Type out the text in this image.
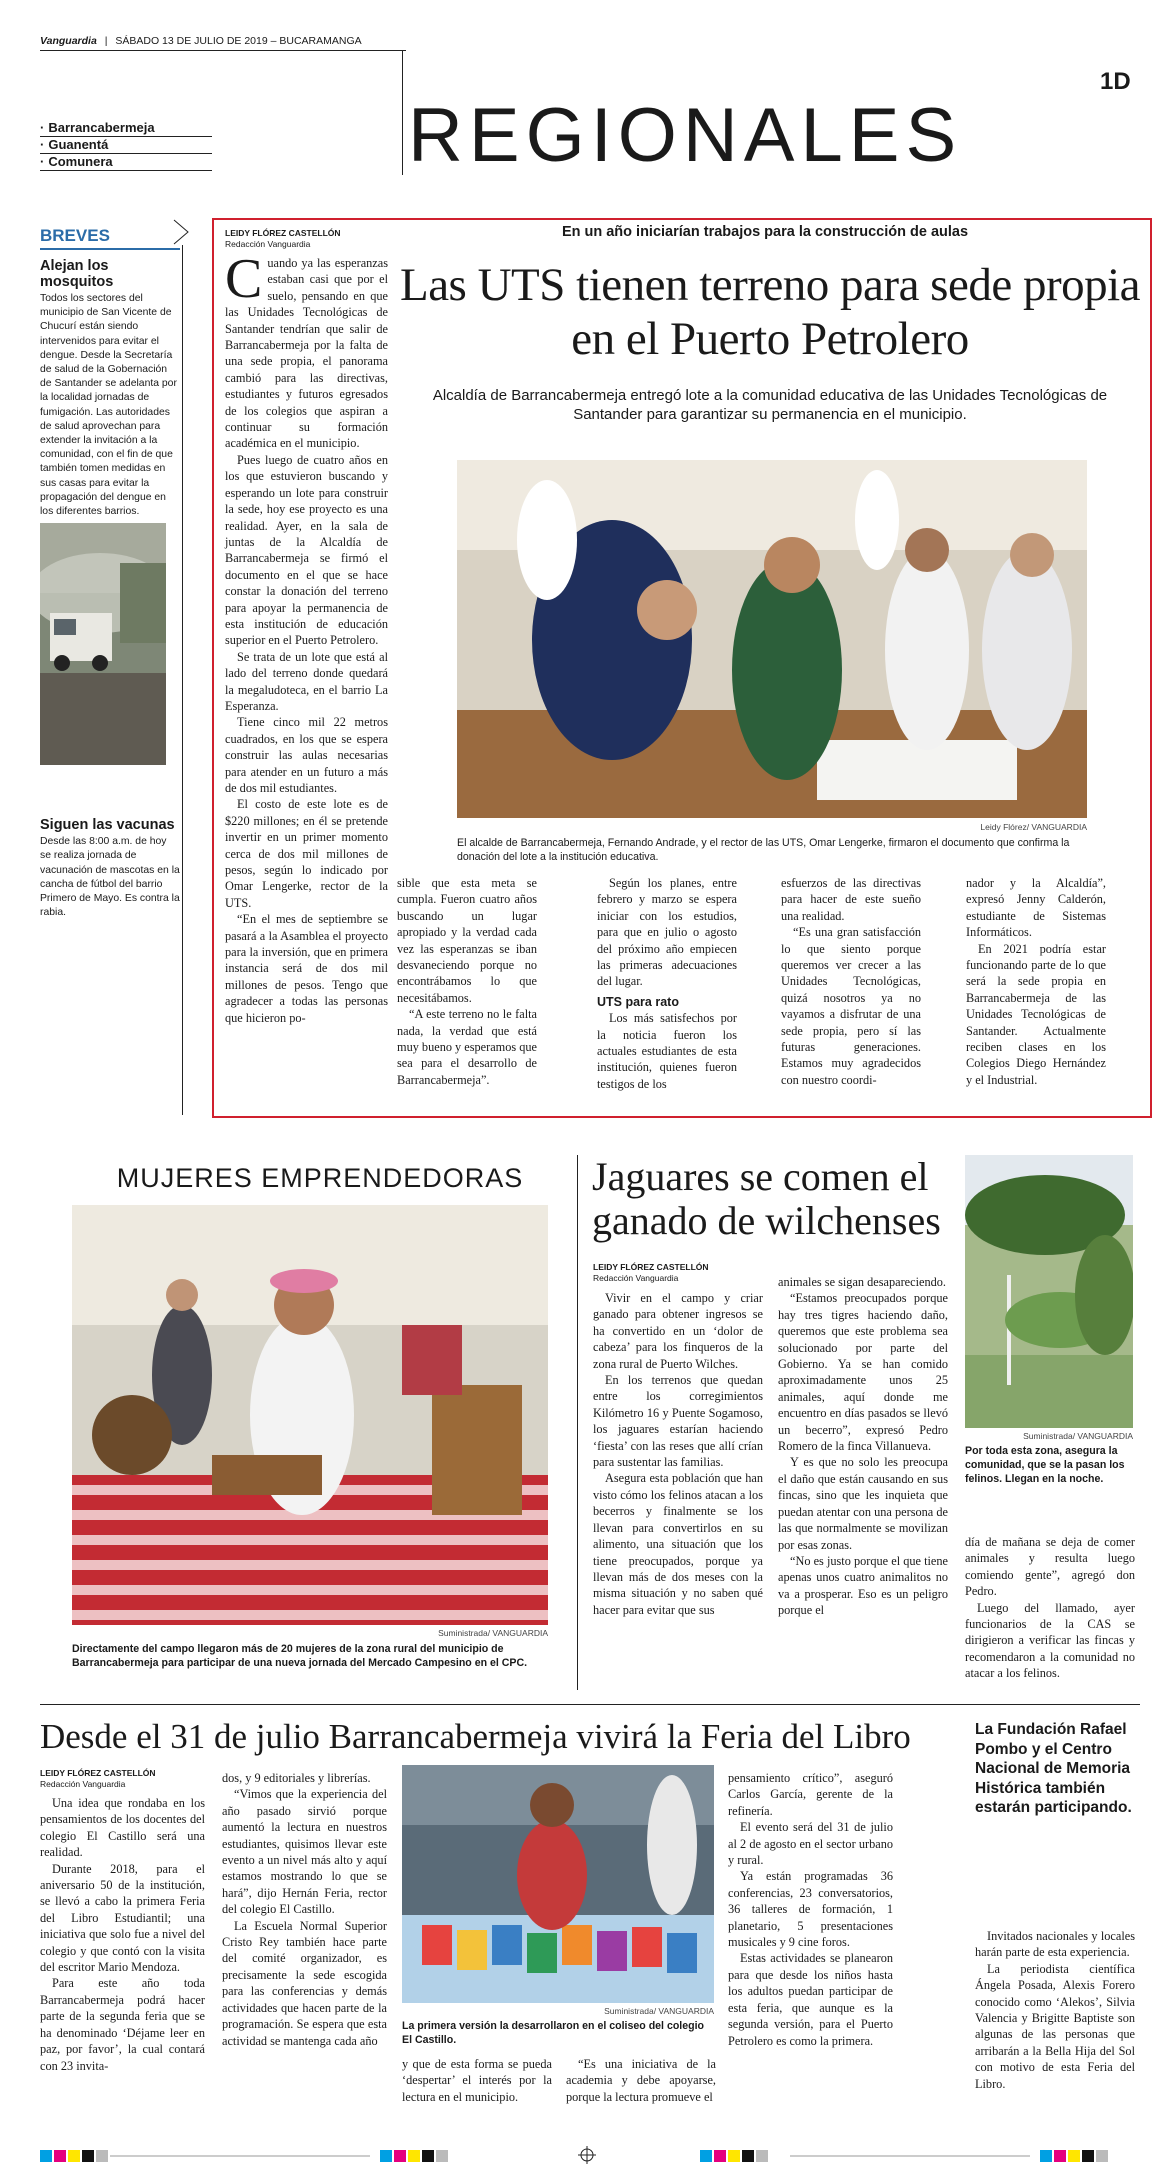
Vanguardia | SÁBADO 13 DE JULIO DE 2019 – BUCARAMANGA
1D
REGIONALES
· Barrancabermeja
· Guanentá
· Comunera
BREVES
Alejan los mosquitos
Todos los sectores del municipio de San Vicente de Chucurí están siendo intervenidos para evitar el dengue. Desde la Secretaría de salud de la Gobernación de Santander se adelanta por la localidad jornadas de fumigación. Las autoridades de salud aprovechan para extender la invitación a la comunidad, con el fin de que también tomen medidas en sus casas para evitar la propagación del dengue en los diferentes barrios.
Siguen las vacunas
Desde las 8:00 a.m. de hoy se realiza jornada de vacunación de mascotas en la cancha de fútbol del barrio Primero de Mayo. Es contra la rabia.
LEIDY FLÓREZ CASTELLÓN
Redacción Vanguardia
En un año iniciarían trabajos para la construcción de aulas
Las UTS tienen terreno para sede propia en el Puerto Petrolero
Alcaldía de Barrancabermeja entregó lote a la comunidad educativa de las Unidades Tecnológicas de Santander para garantizar su permanencia en el municipio.
C uando ya las esperanzas estaban casi que por el suelo, pensando en que las Unidades Tecnológicas de Santander tendrían que salir de Barrancabermeja por la falta de una sede propia, el panorama cambió para las directivas, estudiantes y futuros egresados de los colegios que aspiran a continuar su formación académica en el municipio.

Pues luego de cuatro años en los que estuvieron buscando y esperando un lote para construir la sede, hoy ese proyecto es una realidad. Ayer, en la sala de juntas de la Alcaldía de Barrancabermeja se firmó el documento en el que se hace constar la donación del terreno para apoyar la permanencia de esta institución de educación superior en el Puerto Petrolero.

Se trata de un lote que está al lado del terreno donde quedará la megaludoteca, en el barrio La Esperanza.

Tiene cinco mil 22 metros cuadrados, en los que se espera construir las aulas necesarias para atender en un futuro a más de dos mil estudiantes.

El costo de este lote es de $220 millones; en él se pretende invertir en un primer momento cerca de dos mil millones de pesos, según lo indicado por Omar Lengerke, rector de la UTS.

“En el mes de septiembre se pasará a la Asamblea el proyecto para la inversión, que en primera instancia será de dos mil millones de pesos. Tengo que agradecer a todas las personas que hicieron po-

Leidy Flórez/ VANGUARDIA
El alcalde de Barrancabermeja, Fernando Andrade, y el rector de las UTS, Omar Lengerke, firmaron el documento que confirma la donación del lote a la institución educativa.

sible que esta meta se cumpla. Fueron cuatro años buscando un lugar apropiado y la verdad cada vez las esperanzas se iban desvaneciendo porque no encontrábamos lo que necesitábamos.

“A este terreno no le falta nada, la verdad que está muy bueno y esperamos que sea para el desarrollo de Barrancabermeja”.

Según los planes, entre febrero y marzo se espera iniciar con los estudios, para que en julio o agosto del próximo año empiecen las primeras adecuaciones del lugar.

UTS para rato

Los más satisfechos por la noticia fueron los actuales estudiantes de esta institución, quienes fueron testigos de los

esfuerzos de las directivas para hacer de este sueño una realidad.

“Es una gran satisfacción lo que siento porque queremos ver crecer a las Unidades Tecnológicas, quizá nosotros ya no vayamos a disfrutar de una sede propia, pero sí las futuras generaciones. Estamos muy agradecidos con nuestro coordi-

nador y la Alcaldía”, expresó Jenny Calderón, estudiante de Sistemas Informáticos.

En 2021 podría estar funcionando parte de lo que será la sede propia en Barrancabermeja de las Unidades Tecnológicas de Santander. Actualmente reciben clases en los Colegios Diego Hernández y el Industrial.

MUJERES EMPRENDEDORAS
Suministrada/ VANGUARDIA
Directamente del campo llegaron más de 20 mujeres de la zona rural del municipio de Barrancabermeja para participar de una nueva jornada del Mercado Campesino en el CPC.
Jaguares se comen el ganado de wilchenses
LEIDY FLÓREZ CASTELLÓN
Redacción Vanguardia

Vivir en el campo y criar ganado para obtener ingresos se ha convertido en un ‘dolor de cabeza’ para los finqueros de la zona rural de Puerto Wilches.

En los terrenos que quedan entre los corregimientos Kilómetro 16 y Puente Sogamoso, los jaguares estarían haciendo ‘fiesta’ con las reses que allí crían para sustentar las familias.

Asegura esta población que han visto cómo los felinos atacan a los becerros y finalmente se los llevan para convertirlos en su alimento, una situación que los tiene preocupados, porque ya llevan más de dos meses con la misma situación y no saben qué hacer para evitar que sus

animales se sigan desapareciendo.

“Estamos preocupados porque hay tres tigres haciendo daño, queremos que este problema sea solucionado por parte del Gobierno. Ya se han comido aproximadamente unos 25 animales, aquí donde me encuentro en días pasados se llevó un becerro”, expresó Pedro Romero de la finca Villanueva.

Y es que no solo les preocupa el daño que están causando en sus fincas, sino que les inquieta que puedan atentar con una persona de las que normalmente se movilizan por esas zonas.

“No es justo porque el que tiene apenas unos cuatro animalitos no va a prosperar. Eso es un peligro porque el

Suministrada/ VANGUARDIA
Por toda esta zona, asegura la comunidad, que se la pasan los felinos. Llegan en la noche.

día de mañana se deja de comer animales y resulta luego comiendo gente”, agregó don Pedro.

Luego del llamado, ayer funcionarios de la CAS se dirigieron a verificar las fincas y recomendaron a la comunidad no atacar a los felinos.

Desde el 31 de julio Barrancabermeja vivirá la Feria del Libro
LEIDY FLÓREZ CASTELLÓN
Redacción Vanguardia

Una idea que rondaba en los pensamientos de los docentes del colegio El Castillo será una realidad.

Durante 2018, para el aniversario 50 de la institución, se llevó a cabo la primera Feria del Libro Estudiantil; una iniciativa que solo fue a nivel del colegio y que contó con la visita del escritor Mario Mendoza.

Para este año toda Barrancabermeja podrá hacer parte de la segunda feria que se ha denominado ‘Déjame leer en paz, por favor’, la cual contará con 23 invita-

dos, y 9 editoriales y librerías.

“Vimos que la experiencia del año pasado sirvió porque aumentó la lectura en nuestros estudiantes, quisimos llevar este evento a un nivel más alto y aquí estamos mostrando lo que se hará”, dijo Hernán Feria, rector del colegio El Castillo.

La Escuela Normal Superior Cristo Rey también hace parte del comité organizador, es precisamente la sede escogida para las conferencias y demás actividades que hacen parte de la programación. Se espera que esta actividad se mantenga cada año

Suministrada/ VANGUARDIA
La primera versión la desarrollaron en el coliseo del colegio El Castillo.

y que de esta forma se pueda ‘despertar’ el interés por la lectura en el municipio.

“Es una iniciativa de la academia y debe apoyarse, porque la lectura promueve el

pensamiento crítico”, aseguró Carlos García, gerente de la refinería.

El evento será del 31 de julio al 2 de agosto en el sector urbano y rural.

Ya están programadas 36 conferencias, 23 conversatorios, 36 talleres de formación, 1 planetario, 5 presentaciones musicales y 9 cine foros.

Estas actividades se planearon para que desde los niños hasta los adultos puedan participar de esta feria, que aunque es la segunda versión, para el Puerto Petrolero es como la primera.

La Fundación Rafael Pombo y el Centro Nacional de Memoria Histórica también estarán participando.

Invitados nacionales y locales harán parte de esta experiencia.

La periodista científica Ángela Posada, Alexis Forero conocido como ‘Alekos’, Silvia Valencia y Brigitte Baptiste son algunas de las personas que arribarán a la Bella Hija del Sol con motivo de esta Feria del Libro.
